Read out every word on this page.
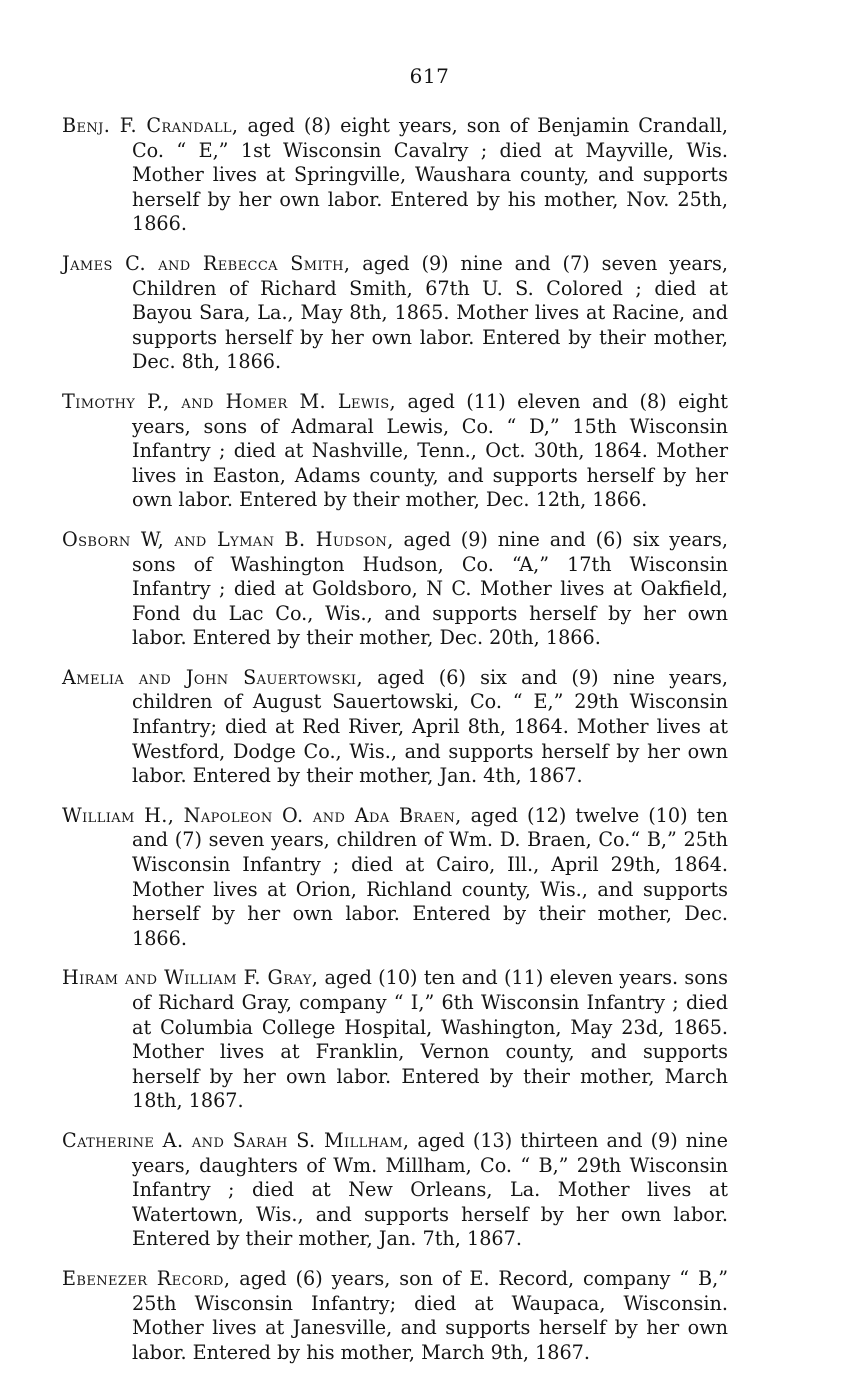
617

Benj. F. Crandall, aged (8) eight years, son of Benjamin Crandall, Co. “ E,” 1st Wisconsin Cavalry ; died at Mayville, Wis. Mother lives at Springville, Waushara county, and supports herself by her own labor. Entered by his mother, Nov. 25th, 1866.

James C. and Rebecca Smith, aged (9) nine and (7) seven years, Children of Richard Smith, 67th U. S. Colored ; died at Bayou Sara, La., May 8th, 1865. Mother lives at Racine, and supports herself by her own labor. Entered by their mother, Dec. 8th, 1866.

Timothy P., and Homer M. Lewis, aged (11) eleven and (8) eight years, sons of Admaral Lewis, Co. “ D,” 15th Wisconsin Infantry ; died at Nashville, Tenn., Oct. 30th, 1864. Mother lives in Easton, Adams county, and supports herself by her own labor. Entered by their mother, Dec. 12th, 1866.

Osborn W, and Lyman B. Hudson, aged (9) nine and (6) six years, sons of Washington Hudson, Co. “A,” 17th Wisconsin Infantry ; died at Goldsboro, N C. Mother lives at Oakfield, Fond du Lac Co., Wis., and supports herself by her own labor. Entered by their mother, Dec. 20th, 1866.

Amelia and John Sauertowski, aged (6) six and (9) nine years, children of August Sauertowski, Co. “ E,” 29th Wisconsin Infantry; died at Red River, April 8th, 1864. Mother lives at Westford, Dodge Co., Wis., and supports herself by her own labor. Entered by their mother, Jan. 4th, 1867.

William H., Napoleon O. and Ada Braen, aged (12) twelve (10) ten and (7) seven years, children of Wm. D. Braen, Co.“ B,” 25th Wisconsin Infantry ; died at Cairo, Ill., April 29th, 1864. Mother lives at Orion, Richland county, Wis., and supports herself by her own labor. Entered by their mother, Dec. 1866.

Hiram and William F. Gray, aged (10) ten and (11) eleven years. sons of Richard Gray, company “ I,” 6th Wisconsin Infantry ; died at Columbia College Hospital, Washington, May 23d, 1865. Mother lives at Franklin, Vernon county, and supports herself by her own labor. Entered by their mother, March 18th, 1867.

Catherine A. and Sarah S. Millham, aged (13) thirteen and (9) nine years, daughters of Wm. Millham, Co. “ B,” 29th Wisconsin Infantry ; died at New Orleans, La. Mother lives at Watertown, Wis., and supports herself by her own labor. Entered by their mother, Jan. 7th, 1867.

Ebenezer Record, aged (6) years, son of E. Record, company “ B,” 25th Wisconsin Infantry; died at Waupaca, Wisconsin. Mother lives at Janesville, and supports herself by her own labor. Entered by his mother, March 9th, 1867.
